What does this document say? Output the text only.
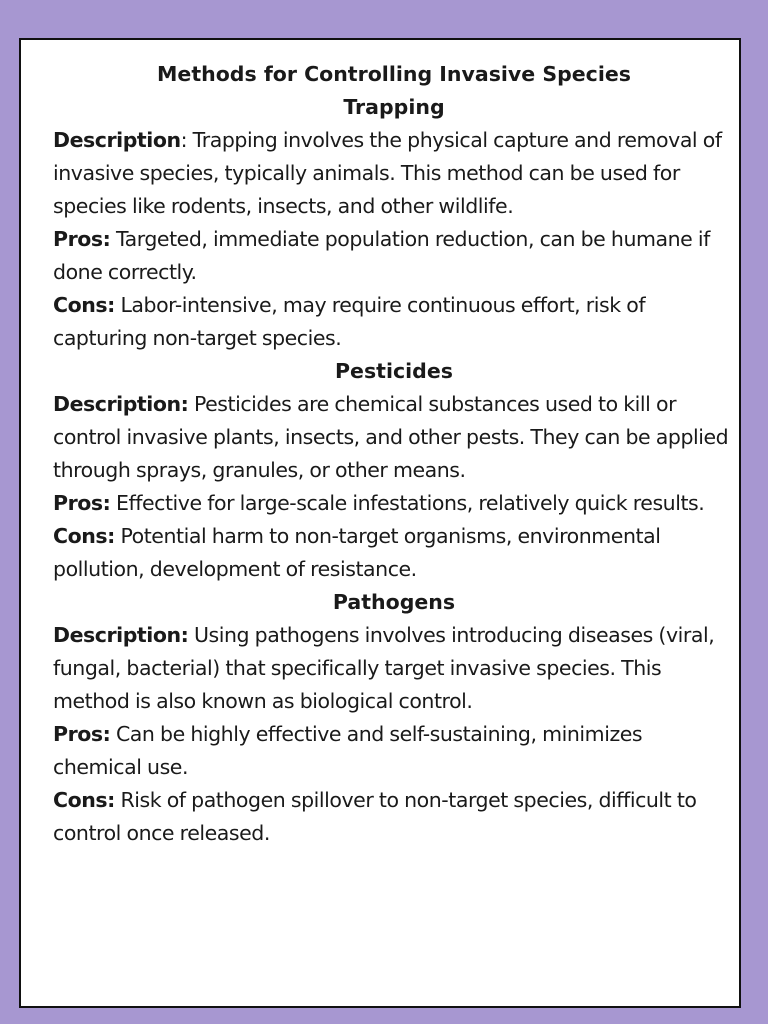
Methods for Controlling Invasive Species
Trapping

Description: Trapping involves the physical capture and removal of invasive species, typically animals. This method can be used for species like rodents, insects, and other wildlife.

Pros: Targeted, immediate population reduction, can be humane if done correctly.

Cons: Labor-intensive, may require continuous effort, risk of capturing non-target species.

Pesticides

Description: Pesticides are chemical substances used to kill or control invasive plants, insects, and other pests. They can be applied through sprays, granules, or other means.

Pros: Effective for large-scale infestations, relatively quick results.

Cons: Potential harm to non-target organisms, environmental pollution, development of resistance.

Pathogens

Description: Using pathogens involves introducing diseases (viral, fungal, bacterial) that specifically target invasive species. This method is also known as biological control.

Pros: Can be highly effective and self-sustaining, minimizes chemical use.

Cons: Risk of pathogen spillover to non-target species, difficult to control once released.
